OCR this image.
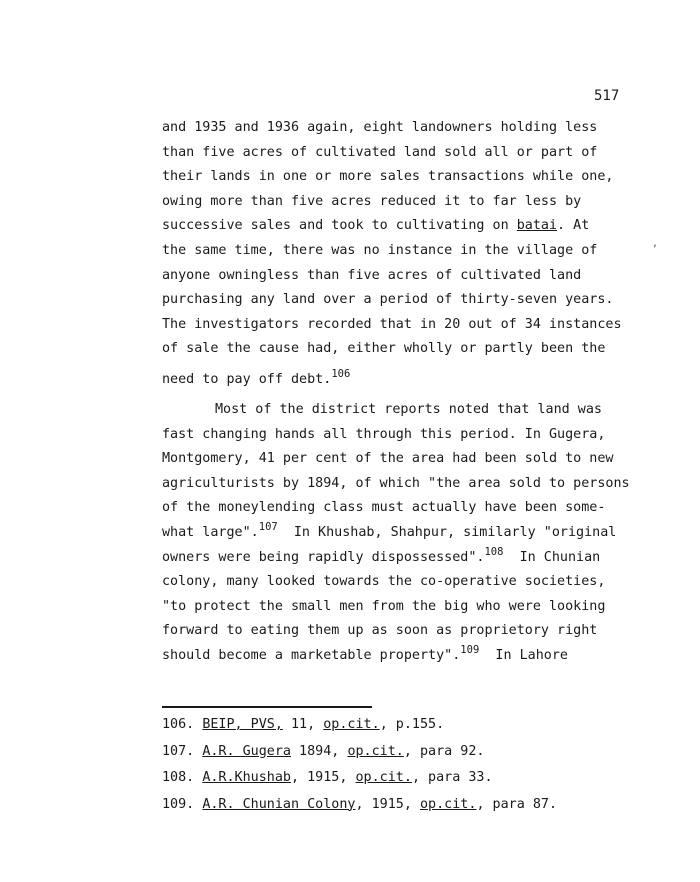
517
,
and 1935 and 1936 again, eight landowners holding less
than five acres of cultivated land sold all or part of
their lands in one or more sales transactions while one,
owing more than five acres reduced it to far less by
successive sales and took to cultivating on batai. At
the same time, there was no instance in the village of
anyone owningless than five acres of cultivated land
purchasing any land over a period of thirty-seven years.
The investigators recorded that in 20 out of 34 instances
of sale the cause had, either wholly or partly been the
need to pay off debt.$^{106}$
Most of the district reports noted that land was
fast changing hands all through this period. In Gugera,
Montgomery, 41 per cent of the area had been sold to new
agriculturists by 1894, of which "the area sold to persons
of the moneylending class must actually have been some-
what large".$^{107}$  In Khushab, Shahpur, similarly "original
owners were being rapidly dispossessed".$^{108}$  In Chunian
colony, many looked towards the co-operative societies,
"to protect the small men from the big who were looking
forward to eating them up as soon as proprietory right
should become a marketable property".$^{109}$  In Lahore
106. BEIP, PVS, 11, op.cit., p.155.
107. A.R. Gugera 1894, op.cit., para 92.
108. A.R.Khushab, 1915, op.cit., para 33.
109. A.R. Chunian Colony, 1915, op.cit., para 87.
